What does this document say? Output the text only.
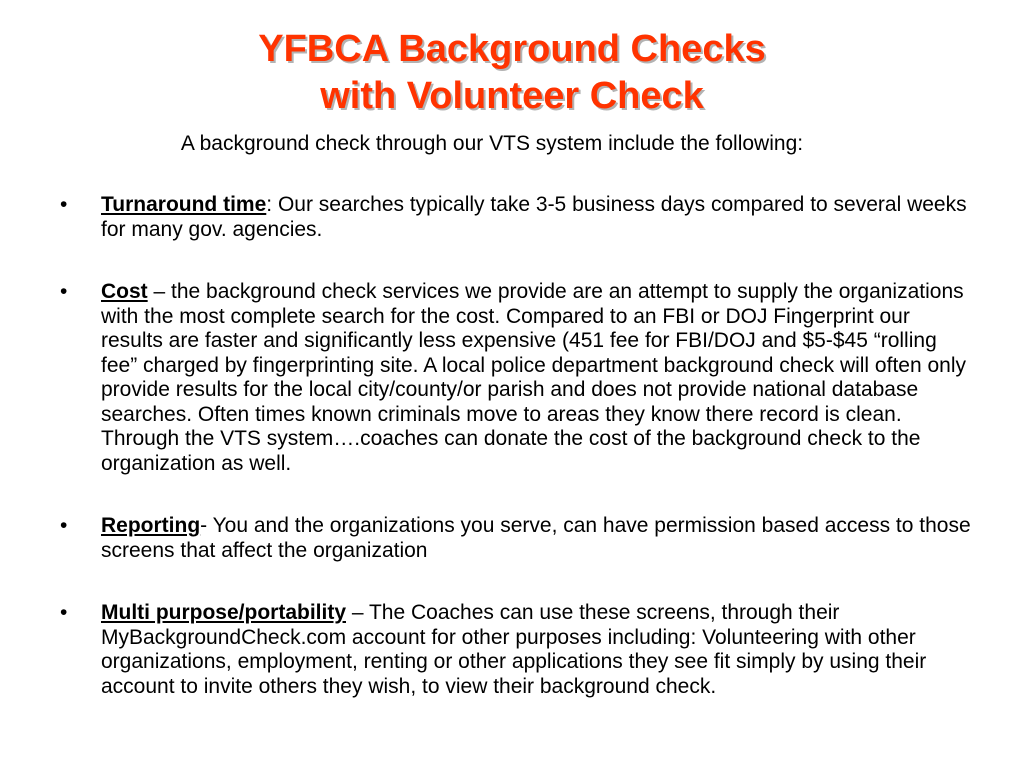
YFBCA Background Checks
with Volunteer Check

A background check through our VTS system include the following:

• Turnaround time: Our searches typically take 3-5 business days compared to several weeks for many gov. agencies.
• Cost – the background check services we provide are an attempt to supply the organizations with the most complete search for the cost. Compared to an FBI or DOJ Fingerprint our results are faster and significantly less expensive (451 fee for FBI/DOJ and $5-$45 “rolling fee” charged by fingerprinting site. A local police department background check will often only provide results for the local city/county/or parish and does not provide national database searches. Often times known criminals move to areas they know there record is clean. Through the VTS system….coaches can donate the cost of the background check to the organization as well.
• Reporting- You and the organizations you serve, can have permission based access to those screens that affect the organization
• Multi purpose/portability – The Coaches can use these screens, through their MyBackgroundCheck.com account for other purposes including: Volunteering with other organizations, employment, renting or other applications they see fit simply by using their account to invite others they wish, to view their background check.
